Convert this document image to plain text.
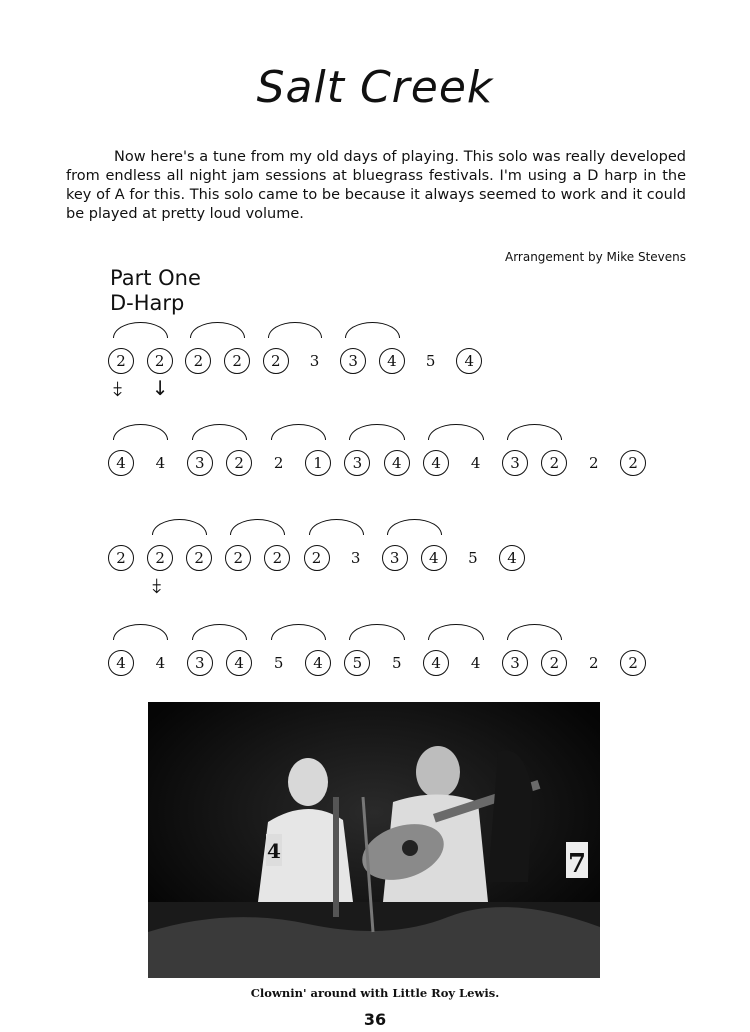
Salt Creek
Now here's a tune from my old days of playing. This solo was really developed from endless all night jam sessions at bluegrass festivals. I'm using a D harp in the key of A for this. This solo came to be because it always seemed to work and it could be played at pretty loud volume.
Arrangement by Mike Stevens
Part One
D-Harp
2	2	2	2	2	3	3	4	5	4
⤈ ↓
4	4	3	2	2	1	3	4	4	4	3	2	2	2
2	2	2	2	2	2	3	3	4	5	4
⤈
4	4	3	4	5	4	5	5	4	4	3	2	2	2
4	7
Clownin' around with Little Roy Lewis.
36
